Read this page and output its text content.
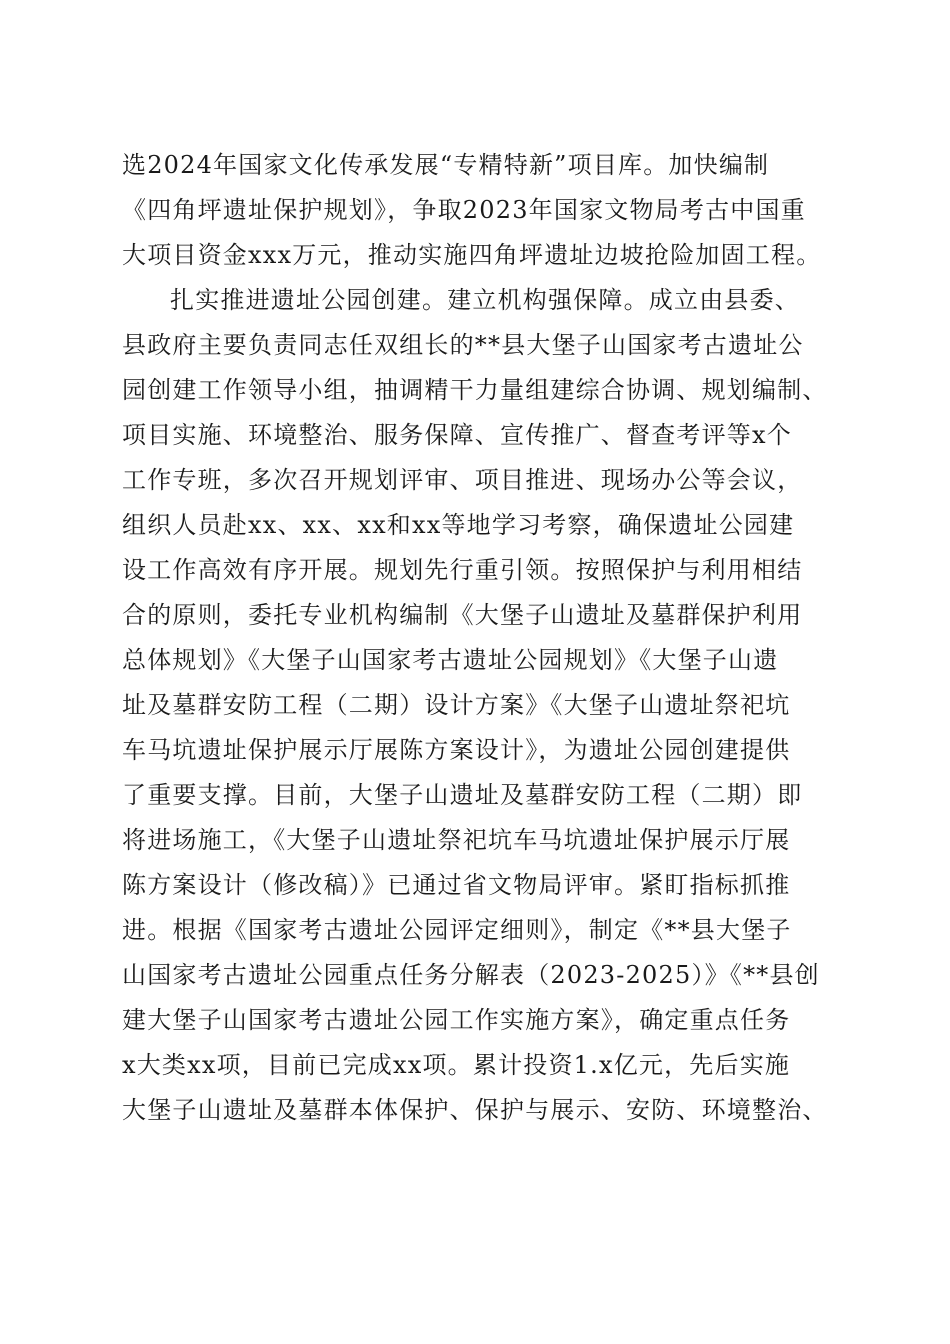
选2024年国家文化传承发展“专精特新”项目库。加快编制
《四角坪遗址保护规划》，争取2023年国家文物局考古中国重
大项目资金xxx万元，推动实施四角坪遗址边坡抢险加固工程。
扎实推进遗址公园创建。建立机构强保障。成立由县委、
县政府主要负责同志任双组长的**县大堡子山国家考古遗址公
园创建工作领导小组，抽调精干力量组建综合协调、规划编制、
项目实施、环境整治、服务保障、宣传推广、督查考评等x个
工作专班，多次召开规划评审、项目推进、现场办公等会议，
组织人员赴xx、xx、xx和xx等地学习考察，确保遗址公园建
设工作高效有序开展。规划先行重引领。按照保护与利用相结
合的原则，委托专业机构编制《大堡子山遗址及墓群保护利用
总体规划》《大堡子山国家考古遗址公园规划》《大堡子山遗
址及墓群安防工程（二期）设计方案》《大堡子山遗址祭祀坑
车马坑遗址保护展示厅展陈方案设计》，为遗址公园创建提供
了重要支撑。目前，大堡子山遗址及墓群安防工程（二期）即
将进场施工，《大堡子山遗址祭祀坑车马坑遗址保护展示厅展
陈方案设计（修改稿）》已通过省文物局评审。紧盯指标抓推
进。根据《国家考古遗址公园评定细则》，制定《**县大堡子
山国家考古遗址公园重点任务分解表（2023-2025）》《**县创
建大堡子山国家考古遗址公园工作实施方案》，确定重点任务
x大类xx项，目前已完成xx项。累计投资1.x亿元，先后实施
大堡子山遗址及墓群本体保护、保护与展示、安防、环境整治、
